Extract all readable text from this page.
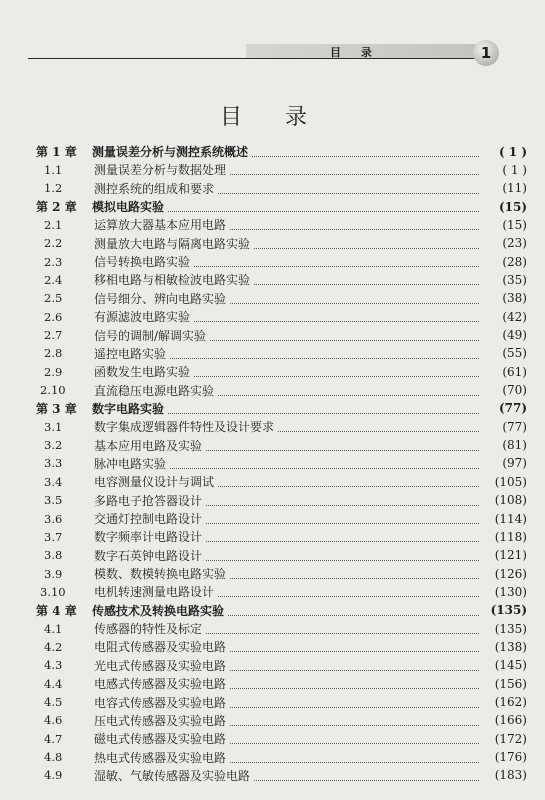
目 录	1
目 录
第 1 章	测量误差分析与测控系统概述	( 1 )
1.1	测量误差分析与数据处理	( 1 )
1.2	测控系统的组成和要求	(11)
第 2 章	模拟电路实验	(15)
2.1	运算放大器基本应用电路	(15)
2.2	测量放大电路与隔离电路实验	(23)
2.3	信号转换电路实验	(28)
2.4	移相电路与相敏检波电路实验	(35)
2.5	信号细分、辨向电路实验	(38)
2.6	有源滤波电路实验	(42)
2.7	信号的调制/解调实验	(49)
2.8	遥控电路实验	(55)
2.9	函数发生电路实验	(61)
2.10	直流稳压电源电路实验	(70)
第 3 章	数字电路实验	(77)
3.1	数字集成逻辑器件特性及设计要求	(77)
3.2	基本应用电路及实验	(81)
3.3	脉冲电路实验	(97)
3.4	电容测量仪设计与调试	(105)
3.5	多路电子抢答器设计	(108)
3.6	交通灯控制电路设计	(114)
3.7	数字频率计电路设计	(118)
3.8	数字石英钟电路设计	(121)
3.9	模数、数模转换电路实验	(126)
3.10	电机转速测量电路设计	(130)
第 4 章	传感技术及转换电路实验	(135)
4.1	传感器的特性及标定	(135)
4.2	电阻式传感器及实验电路	(138)
4.3	光电式传感器及实验电路	(145)
4.4	电感式传感器及实验电路	(156)
4.5	电容式传感器及实验电路	(162)
4.6	压电式传感器及实验电路	(166)
4.7	磁电式传感器及实验电路	(172)
4.8	热电式传感器及实验电路	(176)
4.9	湿敏、气敏传感器及实验电路	(183)
